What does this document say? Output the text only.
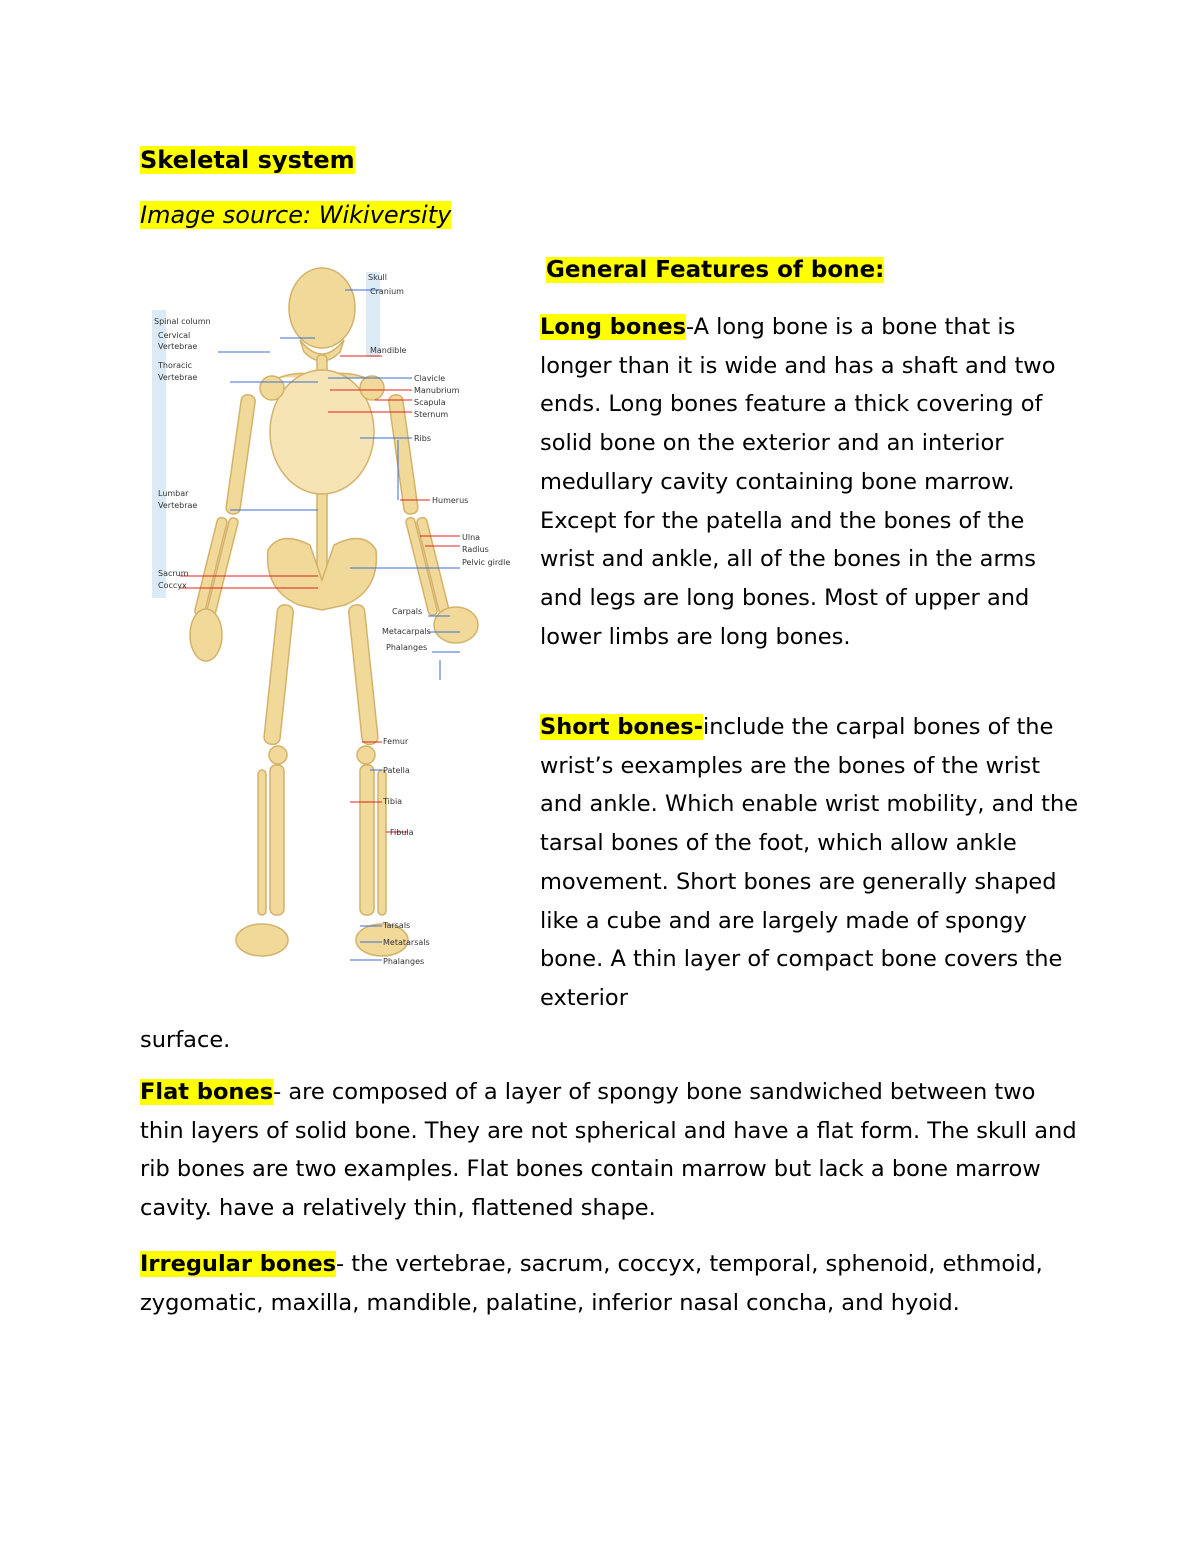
Skeletal system
Image source: Wikiversity
General Features of bone:
Long bones-A long bone is a bone that is longer than it is wide and has a shaft and two ends. Long bones feature a thick covering of solid bone on the exterior and an interior medullary cavity containing bone marrow. Except for the patella and the bones of the wrist and ankle, all of the bones in the arms and legs are long bones. Most of upper and lower limbs are long bones.
Short bones-include the carpal bones of the wrist’s eexamples are the bones of the wrist and ankle. Which enable wrist mobility, and the tarsal bones of the foot, which allow ankle movement. Short bones are generally shaped like a cube and are largely made of spongy bone. A thin layer of compact bone covers the exterior
surface.
Flat bones- are composed of a layer of spongy bone sandwiched between two thin layers of solid bone. They are not spherical and have a flat form. The skull and rib bones are two examples. Flat bones contain marrow but lack a bone marrow cavity. have a relatively thin, flattened shape.
Irregular bones- the vertebrae, sacrum, coccyx, temporal, sphenoid, ethmoid, zygomatic, maxilla, mandible, palatine, inferior nasal concha, and hyoid.
Skull
Cranium
Mandible
Spinal column
Cervical
Vertebrae
Thoracic
Vertebrae	Clavicle
Manubrium
Scapula
Sternum
Ribs
Lumbar
Vertebrae
Humerus
Ulna
Radius
Pelvic girdle
Sacrum
Coccyx
Carpals
Metacarpals
Phalanges
Femur
Patella
Tibia
Fibula
Tarsals
Metatarsals
Phalanges
